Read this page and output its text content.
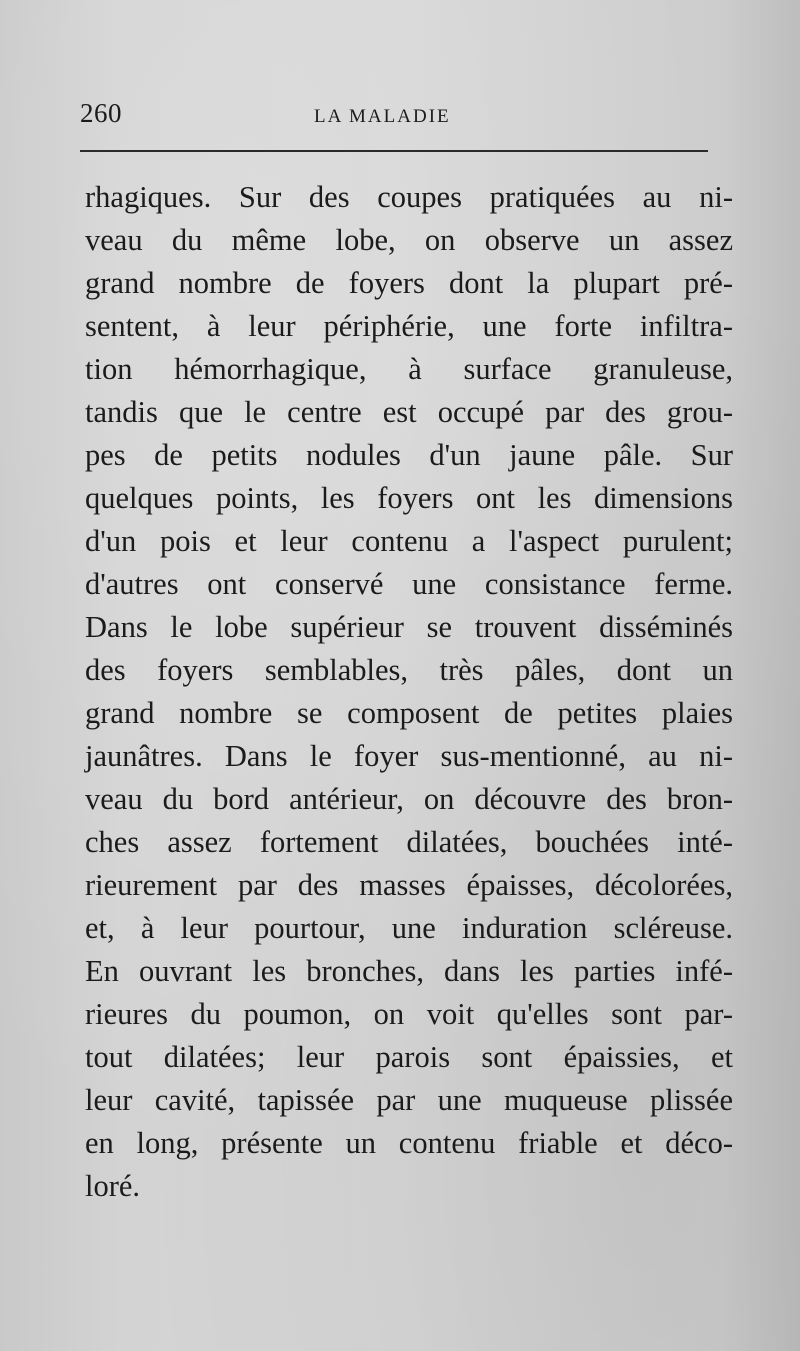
260	LA MALADIE
rhagiques. Sur des coupes pratiquées au ni-
veau du même lobe, on observe un assez
grand nombre de foyers dont la plupart pré-
sentent, à leur périphérie, une forte infiltra-
tion hémorrhagique, à surface granuleuse,
tandis que le centre est occupé par des grou-
pes de petits nodules d'un jaune pâle. Sur
quelques points, les foyers ont les dimensions
d'un pois et leur contenu a l'aspect purulent;
d'autres ont conservé une consistance ferme.
Dans le lobe supérieur se trouvent disséminés
des foyers semblables, très pâles, dont un
grand nombre se composent de petites plaies
jaunâtres. Dans le foyer sus-mentionné, au ni-
veau du bord antérieur, on découvre des bron-
ches assez fortement dilatées, bouchées inté-
rieurement par des masses épaisses, décolorées,
et, à leur pourtour, une induration scléreuse.
En ouvrant les bronches, dans les parties infé-
rieures du poumon, on voit qu'elles sont par-
tout dilatées; leur parois sont épaissies, et
leur cavité, tapissée par une muqueuse plissée
en long, présente un contenu friable et déco-
loré.
